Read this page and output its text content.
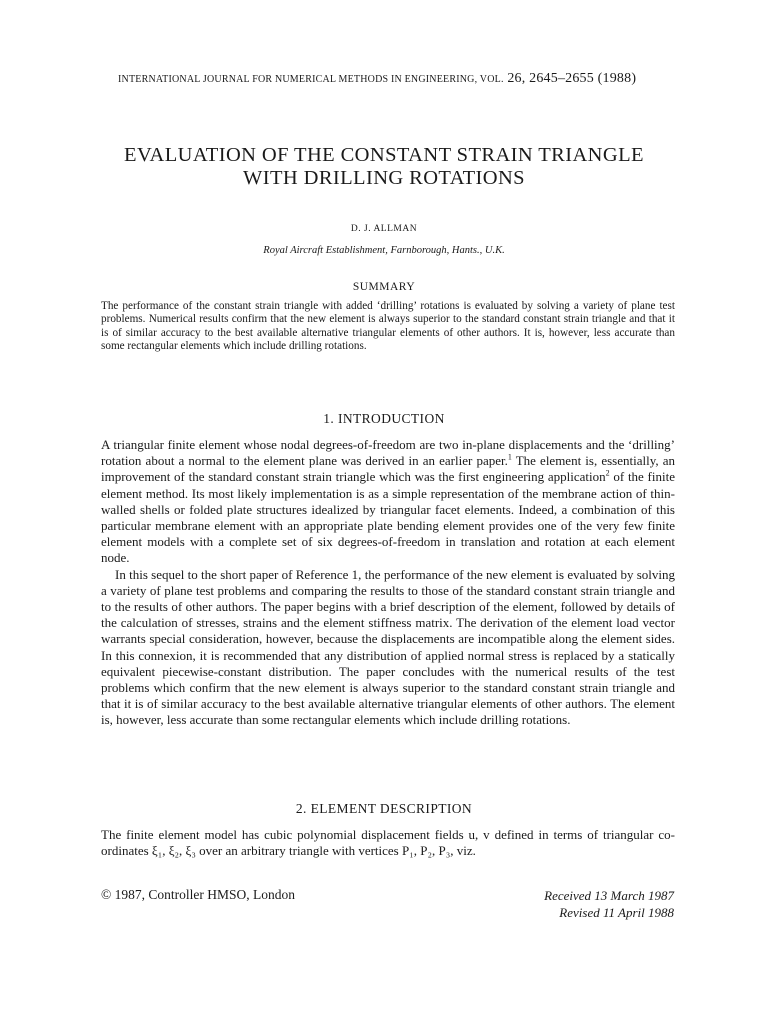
INTERNATIONAL JOURNAL FOR NUMERICAL METHODS IN ENGINEERING, VOL. 26, 2645–2655 (1988)
EVALUATION OF THE CONSTANT STRAIN TRIANGLE
WITH DRILLING ROTATIONS
D. J. ALLMAN
Royal Aircraft Establishment, Farnborough, Hants., U.K.
SUMMARY
The performance of the constant strain triangle with added ‘drilling’ rotations is evaluated by solving a variety of plane test problems. Numerical results confirm that the new element is always superior to the standard constant strain triangle and that it is of similar accuracy to the best available alternative triangular elements of other authors. It is, however, less accurate than some rectangular elements which include drilling rotations.
1. INTRODUCTION

A triangular finite element whose nodal degrees-of-freedom are two in-plane displacements and the ‘drilling’ rotation about a normal to the element plane was derived in an earlier paper.$^1$ The element is, essentially, an improvement of the standard constant strain triangle which was the first engineering application$^2$ of the finite element method. Its most likely implementation is as a simple representation of the membrane action of thin-walled shells or folded plate structures idealized by triangular facet elements. Indeed, a combination of this particular membrane element with an appropriate plate bending element provides one of the very few finite element models with a complete set of six degrees-of-freedom in translation and rotation at each element node.

In this sequel to the short paper of Reference 1, the performance of the new element is evaluated by solving a variety of plane test problems and comparing the results to those of the standard constant strain triangle and to the results of other authors. The paper begins with a brief description of the element, followed by details of the calculation of stresses, strains and the element stiffness matrix. The derivation of the element load vector warrants special consideration, however, because the displacements are incompatible along the element sides. In this connexion, it is recommended that any distribution of applied normal stress is replaced by a statically equivalent piecewise-constant distribution. The paper concludes with the numerical results of the test problems which confirm that the new element is always superior to the standard constant strain triangle and that it is of similar accuracy to the best available alternative triangular elements of other authors. The element is, however, less accurate than some rectangular elements which include drilling rotations.

2. ELEMENT DESCRIPTION

The finite element model has cubic polynomial displacement fields u, v defined in terms of triangular co-ordinates ξ₁, ξ₂, ξ₃ over an arbitrary triangle with vertices P₁, P₂, P₃, viz.

© 1987, Controller HMSO, London	Received 13 March 1987
Revised 11 April 1988
